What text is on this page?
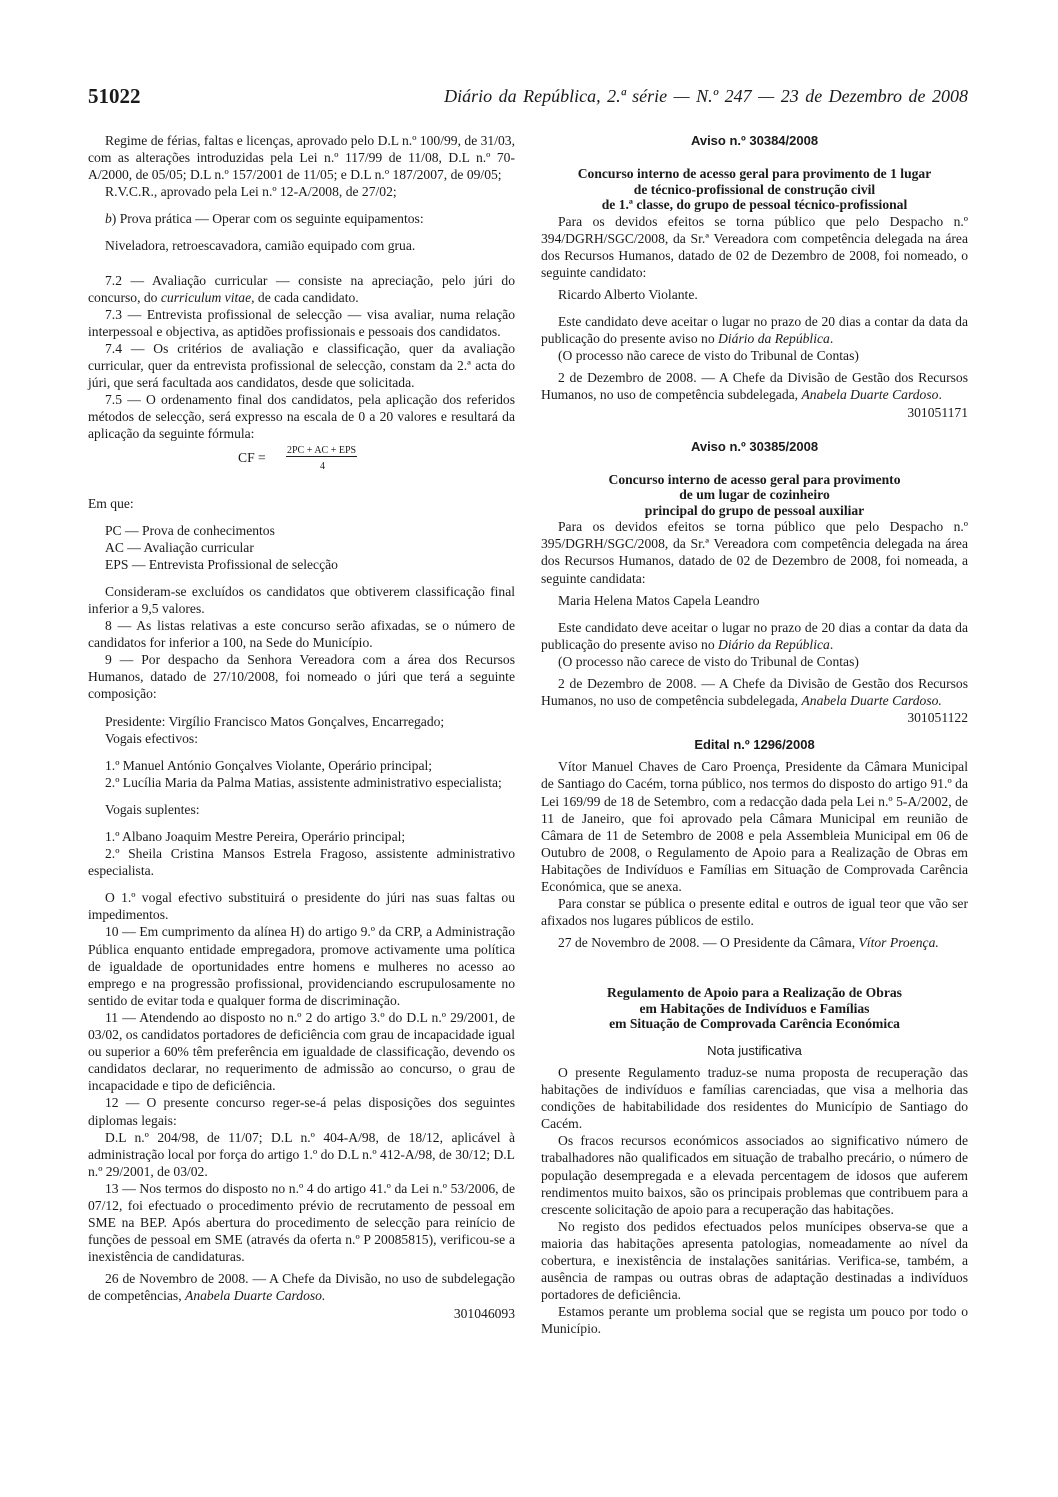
51022	Diário da República, 2.ª série — N.º 247 — 23 de Dezembro de 2008

Regime de férias, faltas e licenças, aprovado pelo D.L n.º 100/99, de 31/03, com as alterações introduzidas pela Lei n.º 117/99 de 11/08, D.L n.º 70-A/2000, de 05/05; D.L n.º 157/2001 de 11/05; e D.L n.º 187/2007, de 09/05;

R.V.C.R., aprovado pela Lei n.º 12-A/2008, de 27/02;

b) Prova prática — Operar com os seguinte equipamentos:

Niveladora, retroescavadora, camião equipado com grua.

7.2 — Avaliação curricular — consiste na apreciação, pelo júri do concurso, do curriculum vitae, de cada candidato.

7.3 — Entrevista profissional de selecção — visa avaliar, numa relação interpessoal e objectiva, as aptidões profissionais e pessoais dos candidatos.

7.4 — Os critérios de avaliação e classificação, quer da avaliação curricular, quer da entrevista profissional de selecção, constam da 2.ª acta do júri, que será facultada aos candidatos, desde que solicitada.

7.5 — O ordenamento final dos candidatos, pela aplicação dos referidos métodos de selecção, será expresso na escala de 0 a 20 valores e resultará da aplicação da seguinte fórmula:

CF = 2PC + AC + EPS
4

Em que:

PC — Prova de conhecimentos

AC — Avaliação curricular

EPS — Entrevista Profissional de selecção

Consideram-se excluídos os candidatos que obtiverem classificação final inferior a 9,5 valores.

8 — As listas relativas a este concurso serão afixadas, se o número de candidatos for inferior a 100, na Sede do Município.

9 — Por despacho da Senhora Vereadora com a área dos Recursos Humanos, datado de 27/10/2008, foi nomeado o júri que terá a seguinte composição:

Presidente: Virgílio Francisco Matos Gonçalves, Encarregado;

Vogais efectivos:

1.º Manuel António Gonçalves Violante, Operário principal;

2.º Lucília Maria da Palma Matias, assistente administrativo especialista;

Vogais suplentes:

1.º Albano Joaquim Mestre Pereira, Operário principal;

2.º Sheila Cristina Mansos Estrela Fragoso, assistente administrativo especialista.

O 1.º vogal efectivo substituirá o presidente do júri nas suas faltas ou impedimentos.

10 — Em cumprimento da alínea H) do artigo 9.º da CRP, a Administração Pública enquanto entidade empregadora, promove activamente uma política de igualdade de oportunidades entre homens e mulheres no acesso ao emprego e na progressão profissional, providenciando escrupulosamente no sentido de evitar toda e qualquer forma de discriminação.

11 — Atendendo ao disposto no n.º 2 do artigo 3.º do D.L n.º 29/2001, de 03/02, os candidatos portadores de deficiência com grau de incapacidade igual ou superior a 60% têm preferência em igualdade de classificação, devendo os candidatos declarar, no requerimento de admissão ao concurso, o grau de incapacidade e tipo de deficiência.

12 — O presente concurso reger-se-á pelas disposições dos seguintes diplomas legais:

D.L n.º 204/98, de 11/07; D.L n.º 404-A/98, de 18/12, aplicável à administração local por força do artigo 1.º do D.L n.º 412-A/98, de 30/12; D.L n.º 29/2001, de 03/02.

13 — Nos termos do disposto no n.º 4 do artigo 41.º da Lei n.º 53/2006, de 07/12, foi efectuado o procedimento prévio de recrutamento de pessoal em SME na BEP. Após abertura do procedimento de selecção para reinício de funções de pessoal em SME (através da oferta n.º P 20085815), verificou-se a inexistência de candidaturas.

26 de Novembro de 2008. — A Chefe da Divisão, no uso de subdelegação de competências, Anabela Duarte Cardoso.

301046093

Aviso n.º 30384/2008

Concurso interno de acesso geral para provimento de 1 lugar

de técnico-profissional de construção civil

de 1.ª classe, do grupo de pessoal técnico-profissional

Para os devidos efeitos se torna público que pelo Despacho n.º 394/DGRH/SGC/2008, da Sr.ª Vereadora com competência delegada na área dos Recursos Humanos, datado de 02 de Dezembro de 2008, foi nomeado, o seguinte candidato:

Ricardo Alberto Violante.

Este candidato deve aceitar o lugar no prazo de 20 dias a contar da data da publicação do presente aviso no Diário da República.

(O processo não carece de visto do Tribunal de Contas)

2 de Dezembro de 2008. — A Chefe da Divisão de Gestão dos Recursos Humanos, no uso de competência subdelegada, Anabela Duarte Cardoso.

301051171

Aviso n.º 30385/2008

Concurso interno de acesso geral para provimento

de um lugar de cozinheiro

principal do grupo de pessoal auxiliar

Para os devidos efeitos se torna público que pelo Despacho n.º 395/DGRH/SGC/2008, da Sr.ª Vereadora com competência delegada na área dos Recursos Humanos, datado de 02 de Dezembro de 2008, foi nomeada, a seguinte candidata:

Maria Helena Matos Capela Leandro

Este candidato deve aceitar o lugar no prazo de 20 dias a contar da data da publicação do presente aviso no Diário da República.

(O processo não carece de visto do Tribunal de Contas)

2 de Dezembro de 2008. — A Chefe da Divisão de Gestão dos Recursos Humanos, no uso de competência subdelegada, Anabela Duarte Cardoso.

301051122

Edital n.º 1296/2008

Vítor Manuel Chaves de Caro Proença, Presidente da Câmara Municipal de Santiago do Cacém, torna público, nos termos do disposto do artigo 91.º da Lei 169/99 de 18 de Setembro, com a redacção dada pela Lei n.º 5-A/2002, de 11 de Janeiro, que foi aprovado pela Câmara Municipal em reunião de Câmara de 11 de Setembro de 2008 e pela Assembleia Municipal em 06 de Outubro de 2008, o Regulamento de Apoio para a Realização de Obras em Habitações de Indivíduos e Famílias em Situação de Comprovada Carência Económica, que se anexa.

Para constar se pública o presente edital e outros de igual teor que vão ser afixados nos lugares públicos de estilo.

27 de Novembro de 2008. — O Presidente da Câmara, Vítor Proença.

Regulamento de Apoio para a Realização de Obras

em Habitações de Indivíduos e Famílias

em Situação de Comprovada Carência Económica

Nota justificativa

O presente Regulamento traduz-se numa proposta de recuperação das habitações de indivíduos e famílias carenciadas, que visa a melhoria das condições de habitabilidade dos residentes do Município de Santiago do Cacém.

Os fracos recursos económicos associados ao significativo número de trabalhadores não qualificados em situação de trabalho precário, o número de população desempregada e a elevada percentagem de idosos que auferem rendimentos muito baixos, são os principais problemas que contribuem para a crescente solicitação de apoio para a recuperação das habitações.

No registo dos pedidos efectuados pelos munícipes observa-se que a maioria das habitações apresenta patologias, nomeadamente ao nível da cobertura, e inexistência de instalações sanitárias. Verifica-se, também, a ausência de rampas ou outras obras de adaptação destinadas a indivíduos portadores de deficiência.

Estamos perante um problema social que se regista um pouco por todo o Município.
